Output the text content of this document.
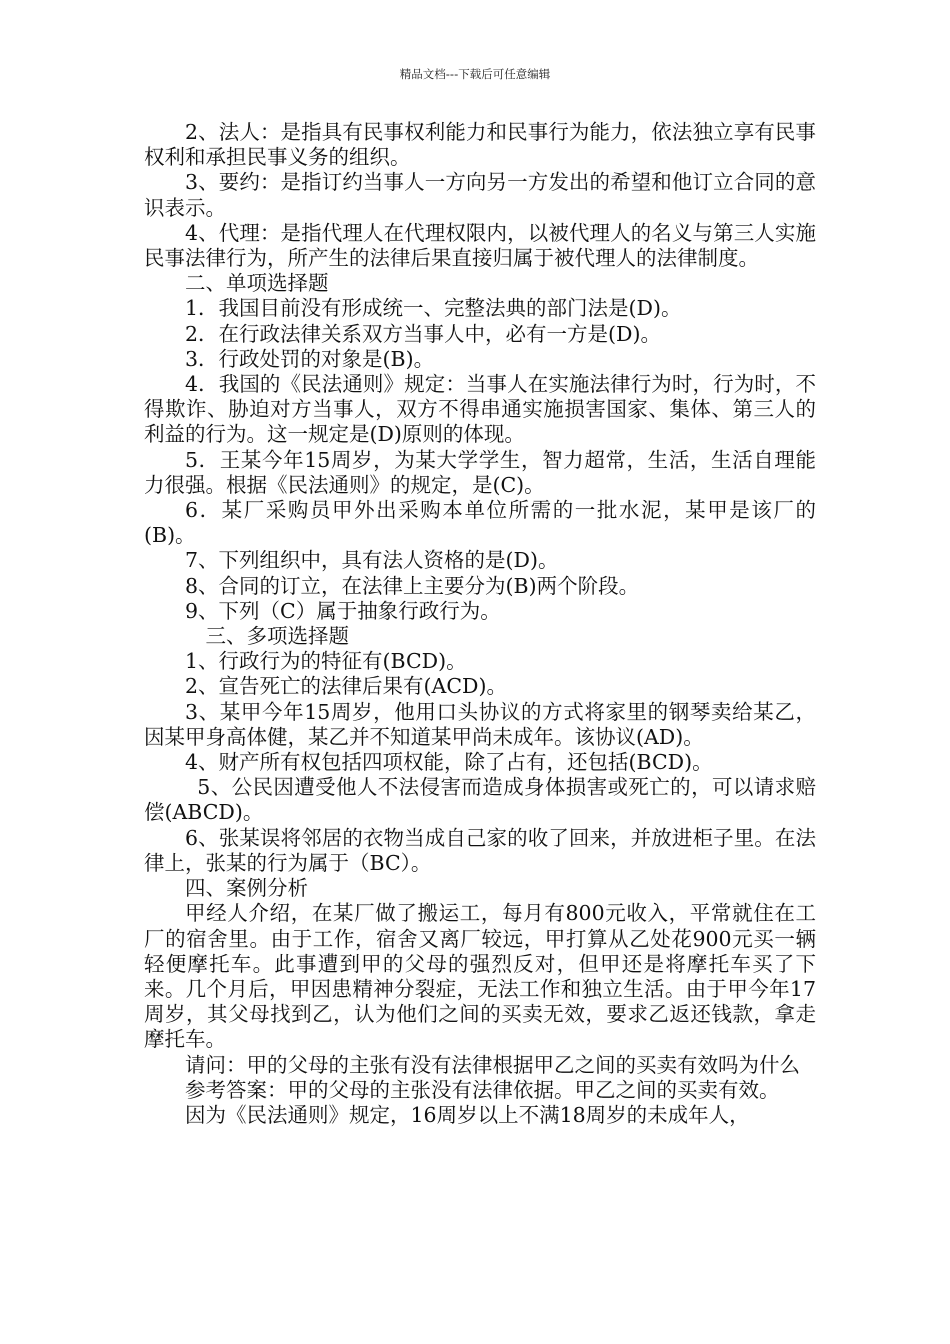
精品文档---下载后可任意编辑

2、法人：是指具有民事权利能力和民事行为能力，依法独立享有民事权利和承担民事义务的组织。

3、要约：是指订约当事人一方向另一方发出的希望和他订立合同的意识表示。

4、代理：是指代理人在代理权限内，以被代理人的名义与第三人实施民事法律行为，所产生的法律后果直接归属于被代理人的法律制度。

二、单项选择题

1．我国目前没有形成统一、完整法典的部门法是(D)。

2．在行政法律关系双方当事人中，必有一方是(D)。

3．行政处罚的对象是(B)。

4．我国的《民法通则》规定：当事人在实施法律行为时，行为时，不得欺诈、胁迫对方当事人，双方不得串通实施损害国家、集体、第三人的利益的行为。这一规定是(D)原则的体现。

5．王某今年15周岁，为某大学学生，智力超常，生活，生活自理能力很强。根据《民法通则》的规定，是(C)。

6．某厂采购员甲外出采购本单位所需的一批水泥，某甲是该厂的(B)。

7、下列组织中，具有法人资格的是(D)。

8、合同的订立，在法律上主要分为(B)两个阶段。

9、下列（C）属于抽象行政行为。

三、多项选择题

1、行政行为的特征有(BCD)。

2、宣告死亡的法律后果有(ACD)。

3、某甲今年15周岁，他用口头协议的方式将家里的钢琴卖给某乙，因某甲身高体健，某乙并不知道某甲尚未成年。该协议(AD)。

4、财产所有权包括四项权能，除了占有，还包括(BCD)。

5、公民因遭受他人不法侵害而造成身体损害或死亡的，可以请求赔偿(ABCD)。

6、张某误将邻居的衣物当成自己家的收了回来，并放进柜子里。在法律上，张某的行为属于（BC）。

四、案例分析

甲经人介绍，在某厂做了搬运工，每月有800元收入，平常就住在工厂的宿舍里。由于工作，宿舍又离厂较远，甲打算从乙处花900元买一辆轻便摩托车。此事遭到甲的父母的强烈反对，但甲还是将摩托车买了下来。几个月后，甲因患精神分裂症，无法工作和独立生活。由于甲今年17周岁，其父母找到乙，认为他们之间的买卖无效，要求乙返还钱款，拿走摩托车。

请问：甲的父母的主张有没有法律根据甲乙之间的买卖有效吗为什么

参考答案：甲的父母的主张没有法律依据。甲乙之间的买卖有效。

因为《民法通则》规定，16周岁以上不满18周岁的未成年人，
